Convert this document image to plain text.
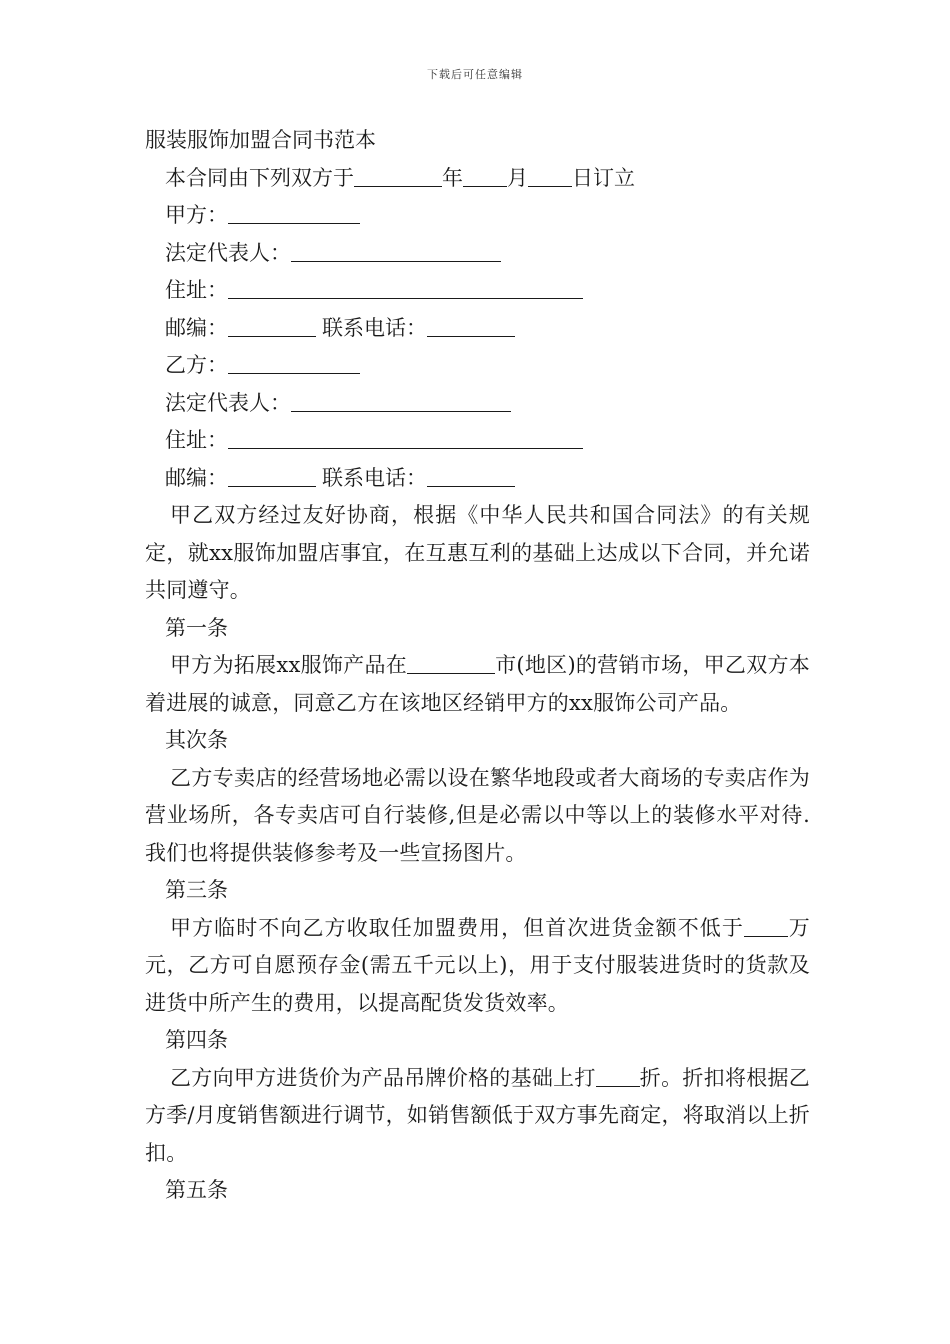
下载后可任意编辑
服装服饰加盟合同书范本
本合同由下列双方于	年 月 日订立
甲方：
法定代表人：
住址：
邮编：	联系电话：
乙方：
法定代表人：
住址：
邮编：	联系电话：
甲乙双方经过友好协商，根据《中华人民共和国合同法》的有关规定，就xx服饰加盟店事宜，在互惠互利的基础上达成以下合同，并允诺共同遵守。
第一条
甲方为拓展xx服饰产品在	市(地区)的营销市场，甲乙双方本着进展的诚意，同意乙方在该地区经销甲方的xx服饰公司产品。
其次条
乙方专卖店的经营场地必需以设在繁华地段或者大商场的专卖店作为营业场所，各专卖店可自行装修,但是必需以中等以上的装修水平对待.我们也将提供装修参考及一些宣扬图片。
第三条
甲方临时不向乙方收取任加盟费用，但首次进货金额不低于 万元，乙方可自愿预存金(需五千元以上)，用于支付服装进货时的货款及进货中所产生的费用，以提高配货发货效率。
第四条
乙方向甲方进货价为产品吊牌价格的基础上打 折。折扣将根据乙方季/月度销售额进行调节，如销售额低于双方事先商定，将取消以上折扣。
第五条
